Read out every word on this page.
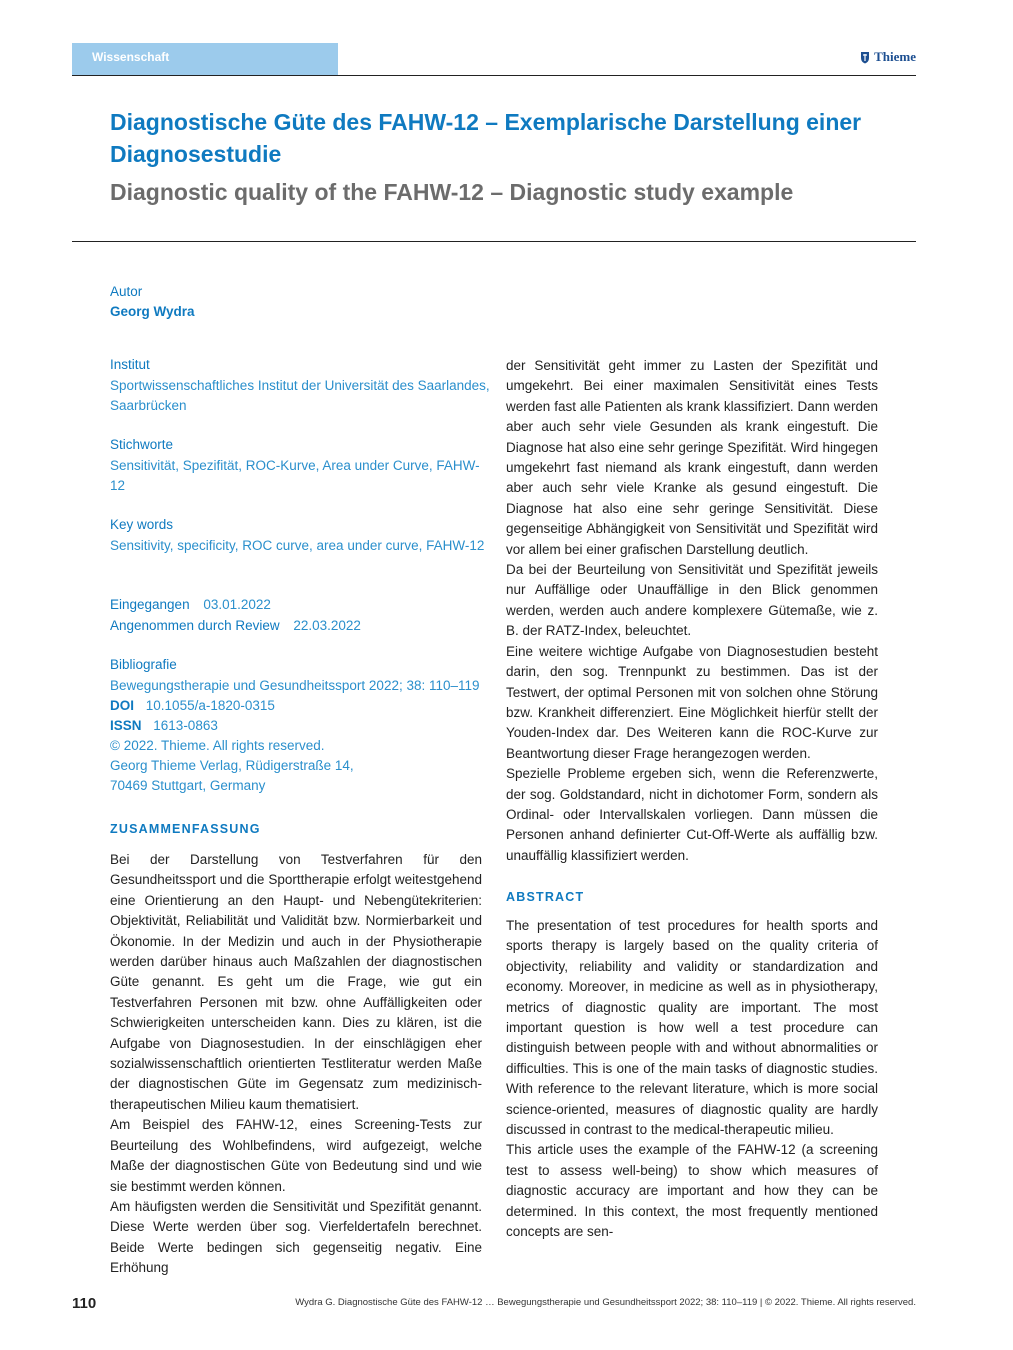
Wissenschaft	Thieme
Diagnostische Güte des FAHW-12 – Exemplarische Darstellung einer Diagnosestudie
Diagnostic quality of the FAHW-12 – Diagnostic study example
Autor
Georg Wydra
Institut
Sportwissenschaftliches Institut der Universität des Saarlandes, Saarbrücken
Stichworte
Sensitivität, Spezifität, ROC-Kurve, Area under Curve, FAHW-12
Key words
Sensitivity, specificity, ROC curve, area under curve, FAHW-12
Eingegangen 03.01.2022
Angenommen durch Review 22.03.2022
Bibliografie
Bewegungstherapie und Gesundheitssport 2022; 38: 110–119
DOI 10.1055/a-1820-0315
ISSN 1613-0863
© 2022. Thieme. All rights reserved.
Georg Thieme Verlag, Rüdigerstraße 14,
70469 Stuttgart, Germany
ZUSAMMENFASSUNG

Bei der Darstellung von Testverfahren für den Gesundheitssport und die Sporttherapie erfolgt weitestgehend eine Orientierung an den Haupt- und Nebengütekriterien: Objektivität, Reliabilität und Validität bzw. Normierbarkeit und Ökonomie. In der Medizin und auch in der Physiotherapie werden darüber hinaus auch Maßzahlen der diagnostischen Güte genannt. Es geht um die Frage, wie gut ein Testverfahren Personen mit bzw. ohne Auffälligkeiten oder Schwierigkeiten unterscheiden kann. Dies zu klären, ist die Aufgabe von Diagnosestudien. In der einschlägigen eher sozialwissenschaftlich orientierten Testliteratur werden Maße der diagnostischen Güte im Gegensatz zum medizinisch-therapeutischen Milieu kaum thematisiert.

Am Beispiel des FAHW-12, eines Screening-Tests zur Beurteilung des Wohlbefindens, wird aufgezeigt, welche Maße der diagnostischen Güte von Bedeutung sind und wie sie bestimmt werden können.

Am häufigsten werden die Sensitivität und Spezifität genannt. Diese Werte werden über sog. Vierfeldertafeln berechnet. Beide Werte bedingen sich gegenseitig negativ. Eine Erhöhung

der Sensitivität geht immer zu Lasten der Spezifität und umgekehrt. Bei einer maximalen Sensitivität eines Tests werden fast alle Patienten als krank klassifiziert. Dann werden aber auch sehr viele Gesunden als krank eingestuft. Die Diagnose hat also eine sehr geringe Spezifität. Wird hingegen umgekehrt fast niemand als krank eingestuft, dann werden aber auch sehr viele Kranke als gesund eingestuft. Die Diagnose hat also eine sehr geringe Sensitivität. Diese gegenseitige Abhängigkeit von Sensitivität und Spezifität wird vor allem bei einer grafischen Darstellung deutlich.

Da bei der Beurteilung von Sensitivität und Spezifität jeweils nur Auffällige oder Unauffällige in den Blick genommen werden, werden auch andere komplexere Gütemaße, wie z. B. der RATZ-Index, beleuchtet.

Eine weitere wichtige Aufgabe von Diagnosestudien besteht darin, den sog. Trennpunkt zu bestimmen. Das ist der Testwert, der optimal Personen mit von solchen ohne Störung bzw. Krankheit differenziert. Eine Möglichkeit hierfür stellt der Youden-Index dar. Des Weiteren kann die ROC-Kurve zur Beantwortung dieser Frage herangezogen werden.

Spezielle Probleme ergeben sich, wenn die Referenzwerte, der sog. Goldstandard, nicht in dichotomer Form, sondern als Ordinal- oder Intervallskalen vorliegen. Dann müssen die Personen anhand definierter Cut-Off-Werte als auffällig bzw. unauffällig klassifiziert werden.

ABSTRACT

The presentation of test procedures for health sports and sports therapy is largely based on the quality criteria of objectivity, reliability and validity or standardization and economy. Moreover, in medicine as well as in physiotherapy, metrics of diagnostic quality are important. The most important question is how well a test procedure can distinguish between people with and without abnormalities or difficulties. This is one of the main tasks of diagnostic studies. With reference to the relevant literature, which is more social science-oriented, measures of diagnostic quality are hardly discussed in contrast to the medical-therapeutic milieu.

This article uses the example of the FAHW-12 (a screening test to assess well-being) to show which measures of diagnostic accuracy are important and how they can be determined. In this context, the most frequently mentioned concepts are sen-

110	Wydra G. Diagnostische Güte des FAHW-12 … Bewegungstherapie und Gesundheitssport 2022; 38: 110–119 | © 2022. Thieme. All rights reserved.
